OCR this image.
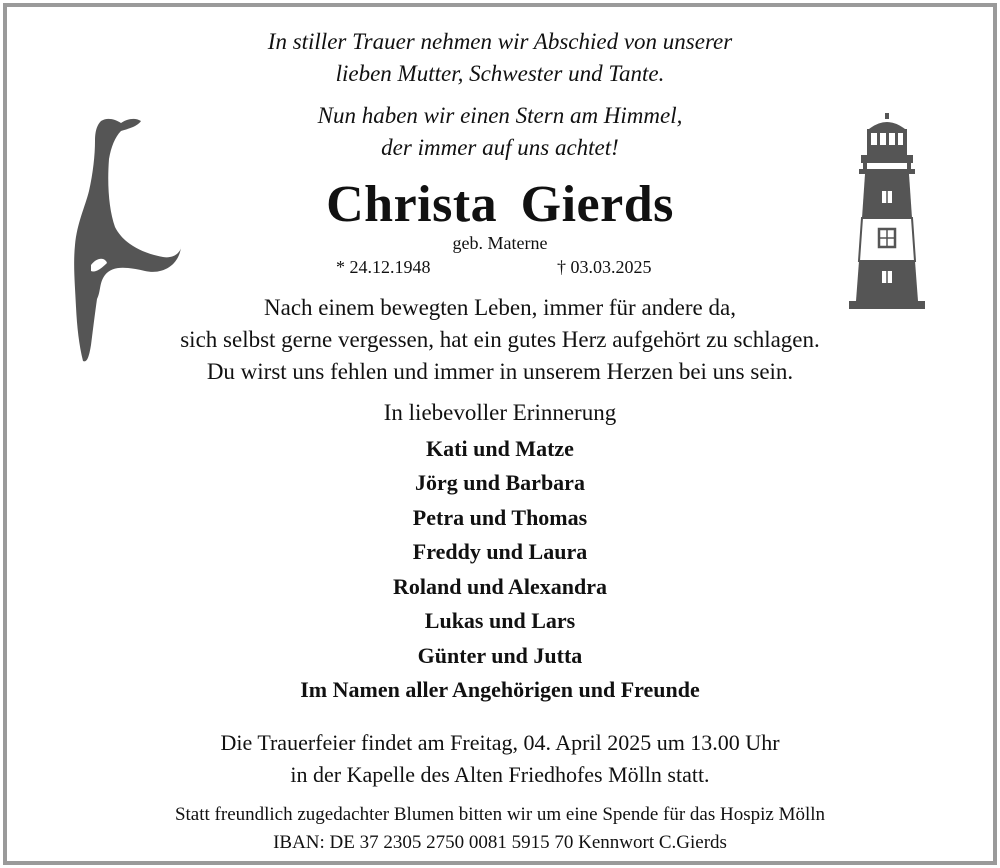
In stiller Trauer nehmen wir Abschied von unserer
lieben Mutter, Schwester und Tante.
Nun haben wir einen Stern am Himmel,
der immer auf uns achtet!
Christa Gierds
geb. Materne
* 24.12.1948	† 03.03.2025
Nach einem bewegten Leben, immer für andere da,
sich selbst gerne vergessen, hat ein gutes Herz aufgehört zu schlagen.
Du wirst uns fehlen und immer in unserem Herzen bei uns sein.
In liebevoller Erinnerung
Kati und Matze
Jörg und Barbara
Petra und Thomas
Freddy und Laura
Roland und Alexandra
Lukas und Lars
Günter und Jutta
Im Namen aller Angehörigen und Freunde
Die Trauerfeier findet am Freitag, 04. April 2025 um 13.00 Uhr
in der Kapelle des Alten Friedhofes Mölln statt.
Statt freundlich zugedachter Blumen bitten wir um eine Spende für das Hospiz Mölln
IBAN: DE 37 2305 2750 0081 5915 70 Kennwort C.Gierds
